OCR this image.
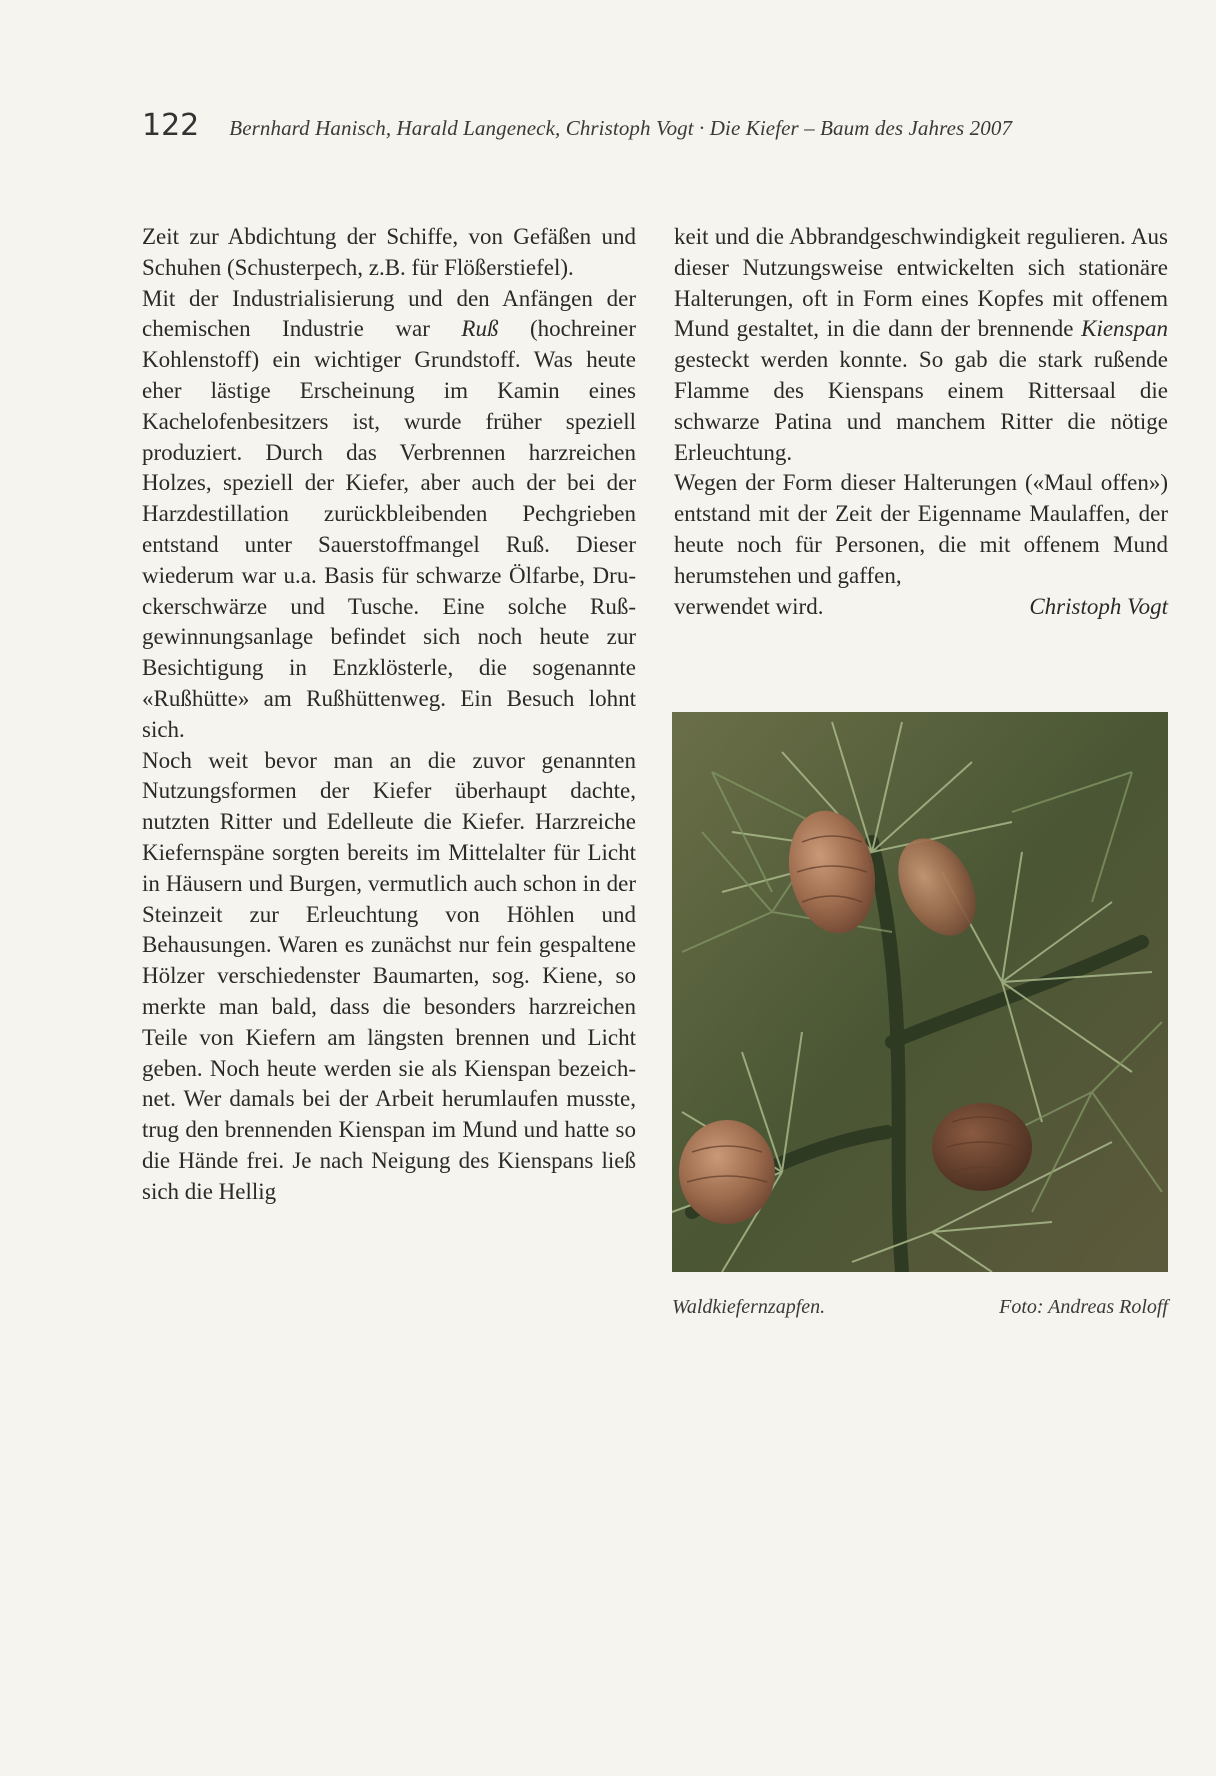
122 Bernhard Hanisch, Harald Langeneck, Christoph Vogt · Die Kiefer – Baum des Jahres 2007

Zeit zur Abdichtung der Schiffe, von Gefäßen und Schuhen (Schusterpech, z.B. für Flößerstiefel).

Mit der Industrialisierung und den Anfängen der chemischen Industrie war Ruß (hochreiner Kohlenstoff) ein wichtiger Grundstoff. Was heute eher lästige Erscheinung im Kamin eines Kachelofenbesitzers ist, wurde früher speziell produziert. Durch das Verbrennen harzreichen Holzes, speziell der Kiefer, aber auch der bei der Harzdestillation zurückbleibenden Pechgrieben entstand unter Sauerstoffmangel Ruß. Dieser wiederum war u.a. Basis für schwarze Ölfarbe, Druckerschwärze und Tusche. Eine solche Rußgewinnungsanlage befindet sich noch heute zur Besichtigung in Enzklösterle, die sogenannte «Rußhütte» am Rußhüttenweg. Ein Besuch lohnt sich.

Noch weit bevor man an die zuvor genannten Nutzungsformen der Kiefer überhaupt dachte, nutzten Ritter und Edelleute die Kiefer. Harzreiche Kiefernspäne sorgten bereits im Mittelalter für Licht in Häusern und Burgen, vermutlich auch schon in der Steinzeit zur Erleuchtung von Höhlen und Behausungen. Waren es zunächst nur fein gespaltene Hölzer verschiedenster Baumarten, sog. Kiene, so merkte man bald, dass die besonders harzreichen Teile von Kiefern am längsten brennen und Licht geben. Noch heute werden sie als Kienspan bezeichnet. Wer damals bei der Arbeit herumlaufen musste, trug den brennenden Kienspan im Mund und hatte so die Hände frei. Je nach Neigung des Kienspans ließ sich die Hellig

keit und die Abbrandgeschwindigkeit regulieren. Aus dieser Nutzungsweise entwickelten sich stationäre Halterungen, oft in Form eines Kopfes mit offenem Mund gestaltet, in die dann der brennende Kienspan gesteckt werden konnte. So gab die stark rußende Flamme des Kienspans einem Rittersaal die schwarze Patina und manchem Ritter die nötige Erleuchtung.

Wegen der Form dieser Halterungen («Maul offen») entstand mit der Zeit der Eigenname Maulaffen, der heute noch für Personen, die mit offenem Mund herumstehen und gaffen,

verwendet wird.	Christoph Vogt

Waldkiefernzapfen.	Foto: Andreas Roloff
